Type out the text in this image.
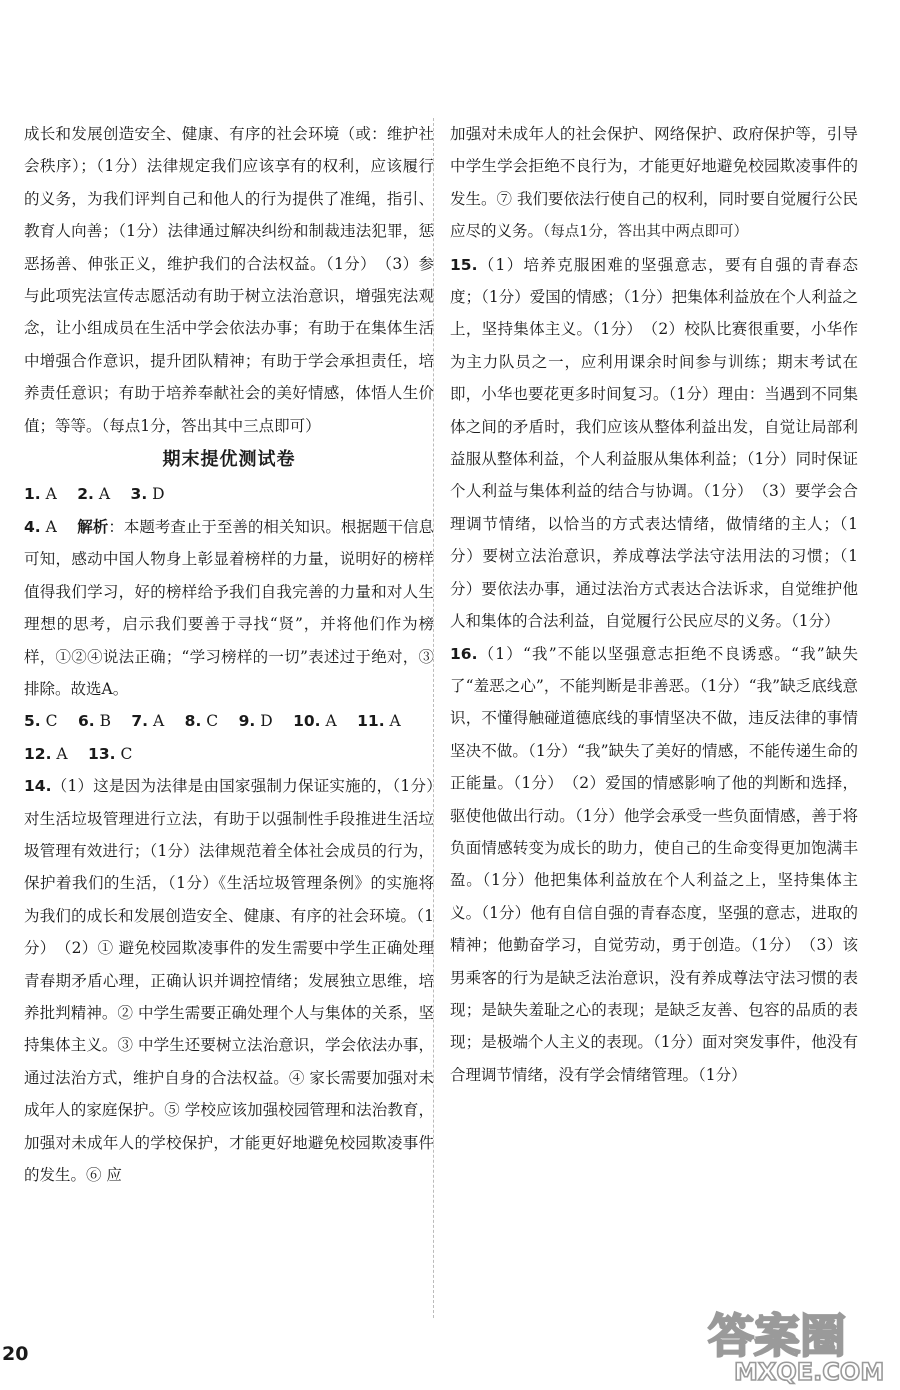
成长和发展创造安全、健康、有序的社会环境（或：维护社会秩序）；（1分）法律规定我们应该享有的权利，应该履行的义务，为我们评判自己和他人的行为提供了准绳，指引、教育人向善；（1分）法律通过解决纠纷和制裁违法犯罪，惩恶扬善、伸张正义，维护我们的合法权益。（1分）　（3）参与此项宪法宣传志愿活动有助于树立法治意识，增强宪法观念，让小组成员在生活中学会依法办事；有助于在集体生活中增强合作意识，提升团队精神；有助于学会承担责任，培养责任意识；有助于培养奉献社会的美好情感，体悟人生价值；等等。（每点1分，答出其中三点即可）

期末提优测试卷

1. A　 2. A　 3. D

4. A　 解析：本题考查止于至善的相关知识。根据题干信息可知，感动中国人物身上彰显着榜样的力量，说明好的榜样值得我们学习，好的榜样给予我们自我完善的力量和对人生理想的思考，启示我们要善于寻找“贤”，并将他们作为榜样，①②④说法正确；“学习榜样的一切”表述过于绝对，③排除。故选A。

5. C　 6. B　 7. A　 8. C　 9. D　 10. A　 11. A

12. A　 13. C

14.（1）这是因为法律是由国家强制力保证实施的，（1分）对生活垃圾管理进行立法，有助于以强制性手段推进生活垃圾管理有效进行；（1分）法律规范着全体社会成员的行为，保护着我们的生活，（1分）《生活垃圾管理条例》的实施将为我们的成长和发展创造安全、健康、有序的社会环境。（1分）　（2）① 避免校园欺凌事件的发生需要中学生正确处理青春期矛盾心理，正确认识并调控情绪；发展独立思维，培养批判精神。② 中学生需要正确处理个人与集体的关系，坚持集体主义。③ 中学生还要树立法治意识，学会依法办事，通过法治方式，维护自身的合法权益。④ 家长需要加强对未成年人的家庭保护。⑤ 学校应该加强校园管理和法治教育，加强对未成年人的学校保护，才能更好地避免校园欺凌事件的发生。⑥ 应

加强对未成年人的社会保护、网络保护、政府保护等，引导中学生学会拒绝不良行为，才能更好地避免校园欺凌事件的发生。⑦ 我们要依法行使自己的权利，同时要自觉履行公民应尽的义务。（每点1分，答出其中两点即可）

15.（1）培养克服困难的坚强意志，要有自强的青春态度；（1分）爱国的情感；（1分）把集体利益放在个人利益之上，坚持集体主义。（1分）　（2）校队比赛很重要，小华作为主力队员之一，应利用课余时间参与训练；期末考试在即，小华也要花更多时间复习。（1分）理由：当遇到不同集体之间的矛盾时，我们应该从整体利益出发，自觉让局部利益服从整体利益，个人利益服从集体利益；（1分）同时保证个人利益与集体利益的结合与协调。（1分）　（3）要学会合理调节情绪，以恰当的方式表达情绪，做情绪的主人；（1分）要树立法治意识，养成尊法学法守法用法的习惯；（1分）要依法办事，通过法治方式表达合法诉求，自觉维护他人和集体的合法利益，自觉履行公民应尽的义务。（1分）

16.（1）“我”不能以坚强意志拒绝不良诱惑。“我”缺失了“羞恶之心”，不能判断是非善恶。（1分）“我”缺乏底线意识，不懂得触碰道德底线的事情坚决不做，违反法律的事情坚决不做。（1分）“我”缺失了美好的情感，不能传递生命的正能量。（1分）　（2）爱国的情感影响了他的判断和选择，驱使他做出行动。（1分）他学会承受一些负面情感，善于将负面情感转变为成长的助力，使自己的生命变得更加饱满丰盈。（1分）他把集体利益放在个人利益之上，坚持集体主义。（1分）他有自信自强的青春态度，坚强的意志，进取的精神；他勤奋学习，自觉劳动，勇于创造。（1分）　（3）该男乘客的行为是缺乏法治意识，没有养成尊法守法习惯的表现；是缺失羞耻之心的表现；是缺乏友善、包容的品质的表现；是极端个人主义的表现。（1分）面对突发事件，他没有合理调节情绪，没有学会情绪管理。（1分）

20	答案圈
MXQE.COM
